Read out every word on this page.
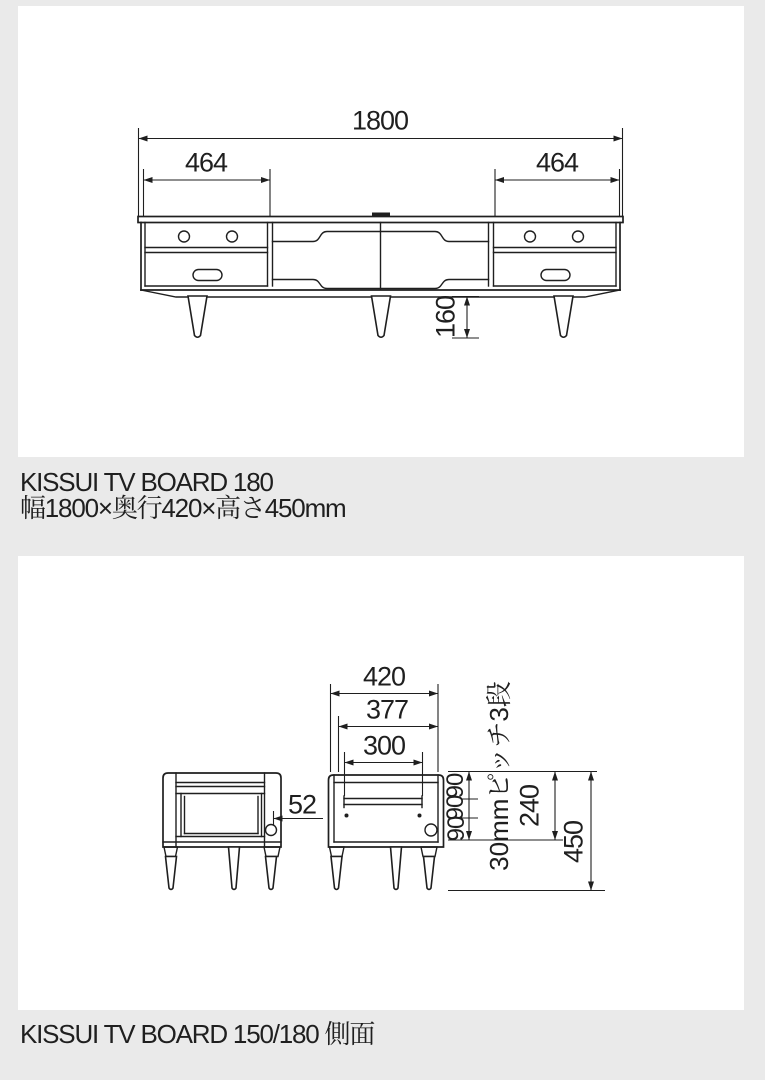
1800
464	464
160
420
377
300
52
90
90
90
240
450
30mmピッチ3段
KISSUI TV BOARD 180
幅1800×奥行420×高さ450mm
KISSUI TV BOARD 150/180 側面
